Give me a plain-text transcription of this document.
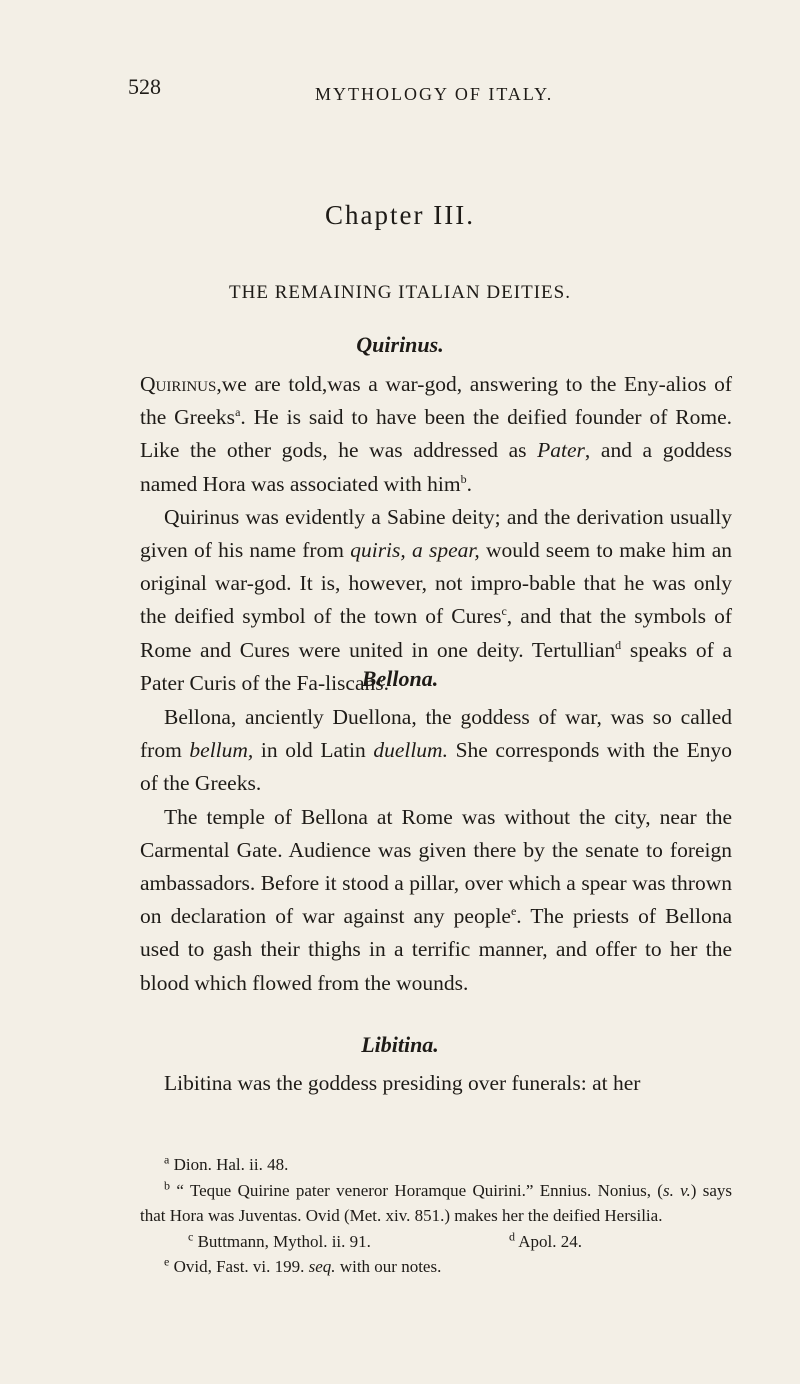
528	MYTHOLOGY OF ITALY.
Chapter III.
THE REMAINING ITALIAN DEITIES.
Quirinus.

Quirinus,we are told,was a war-god, answering to the Eny-alios of the Greeks$^a$. He is said to have been the deified founder of Rome. Like the other gods, he was addressed as Pater, and a goddess named Hora was associated with him$^b$.

Quirinus was evidently a Sabine deity; and the derivation usually given of his name from quiris, a spear, would seem to make him an original war-god. It is, however, not impro-bable that he was only the deified symbol of the town of Cures$^c$, and that the symbols of Rome and Cures were united in one deity. Tertullian$^d$ speaks of a Pater Curis of the Fa-liscans.

Bellona.

Bellona, anciently Duellona, the goddess of war, was so called from bellum, in old Latin duellum. She corresponds with the Enyo of the Greeks.

The temple of Bellona at Rome was without the city, near the Carmental Gate. Audience was given there by the senate to foreign ambassadors. Before it stood a pillar, over which a spear was thrown on declaration of war against any people$^e$. The priests of Bellona used to gash their thighs in a terrific manner, and offer to her the blood which flowed from the wounds.

Libitina.

Libitina was the goddess presiding over funerals: at her

$^a$ Dion. Hal. ii. 48.

$^b$ “ Teque Quirine pater veneror Horamque Quirini.” Ennius. Nonius, (s. v.) says that Hora was Juventas. Ovid (Met. xiv. 851.) makes her the deified Hersilia.

$^c$ Buttmann, Mythol. ii. 91.	$^d$ Apol. 24.

$^e$ Ovid, Fast. vi. 199. seq. with our notes.
